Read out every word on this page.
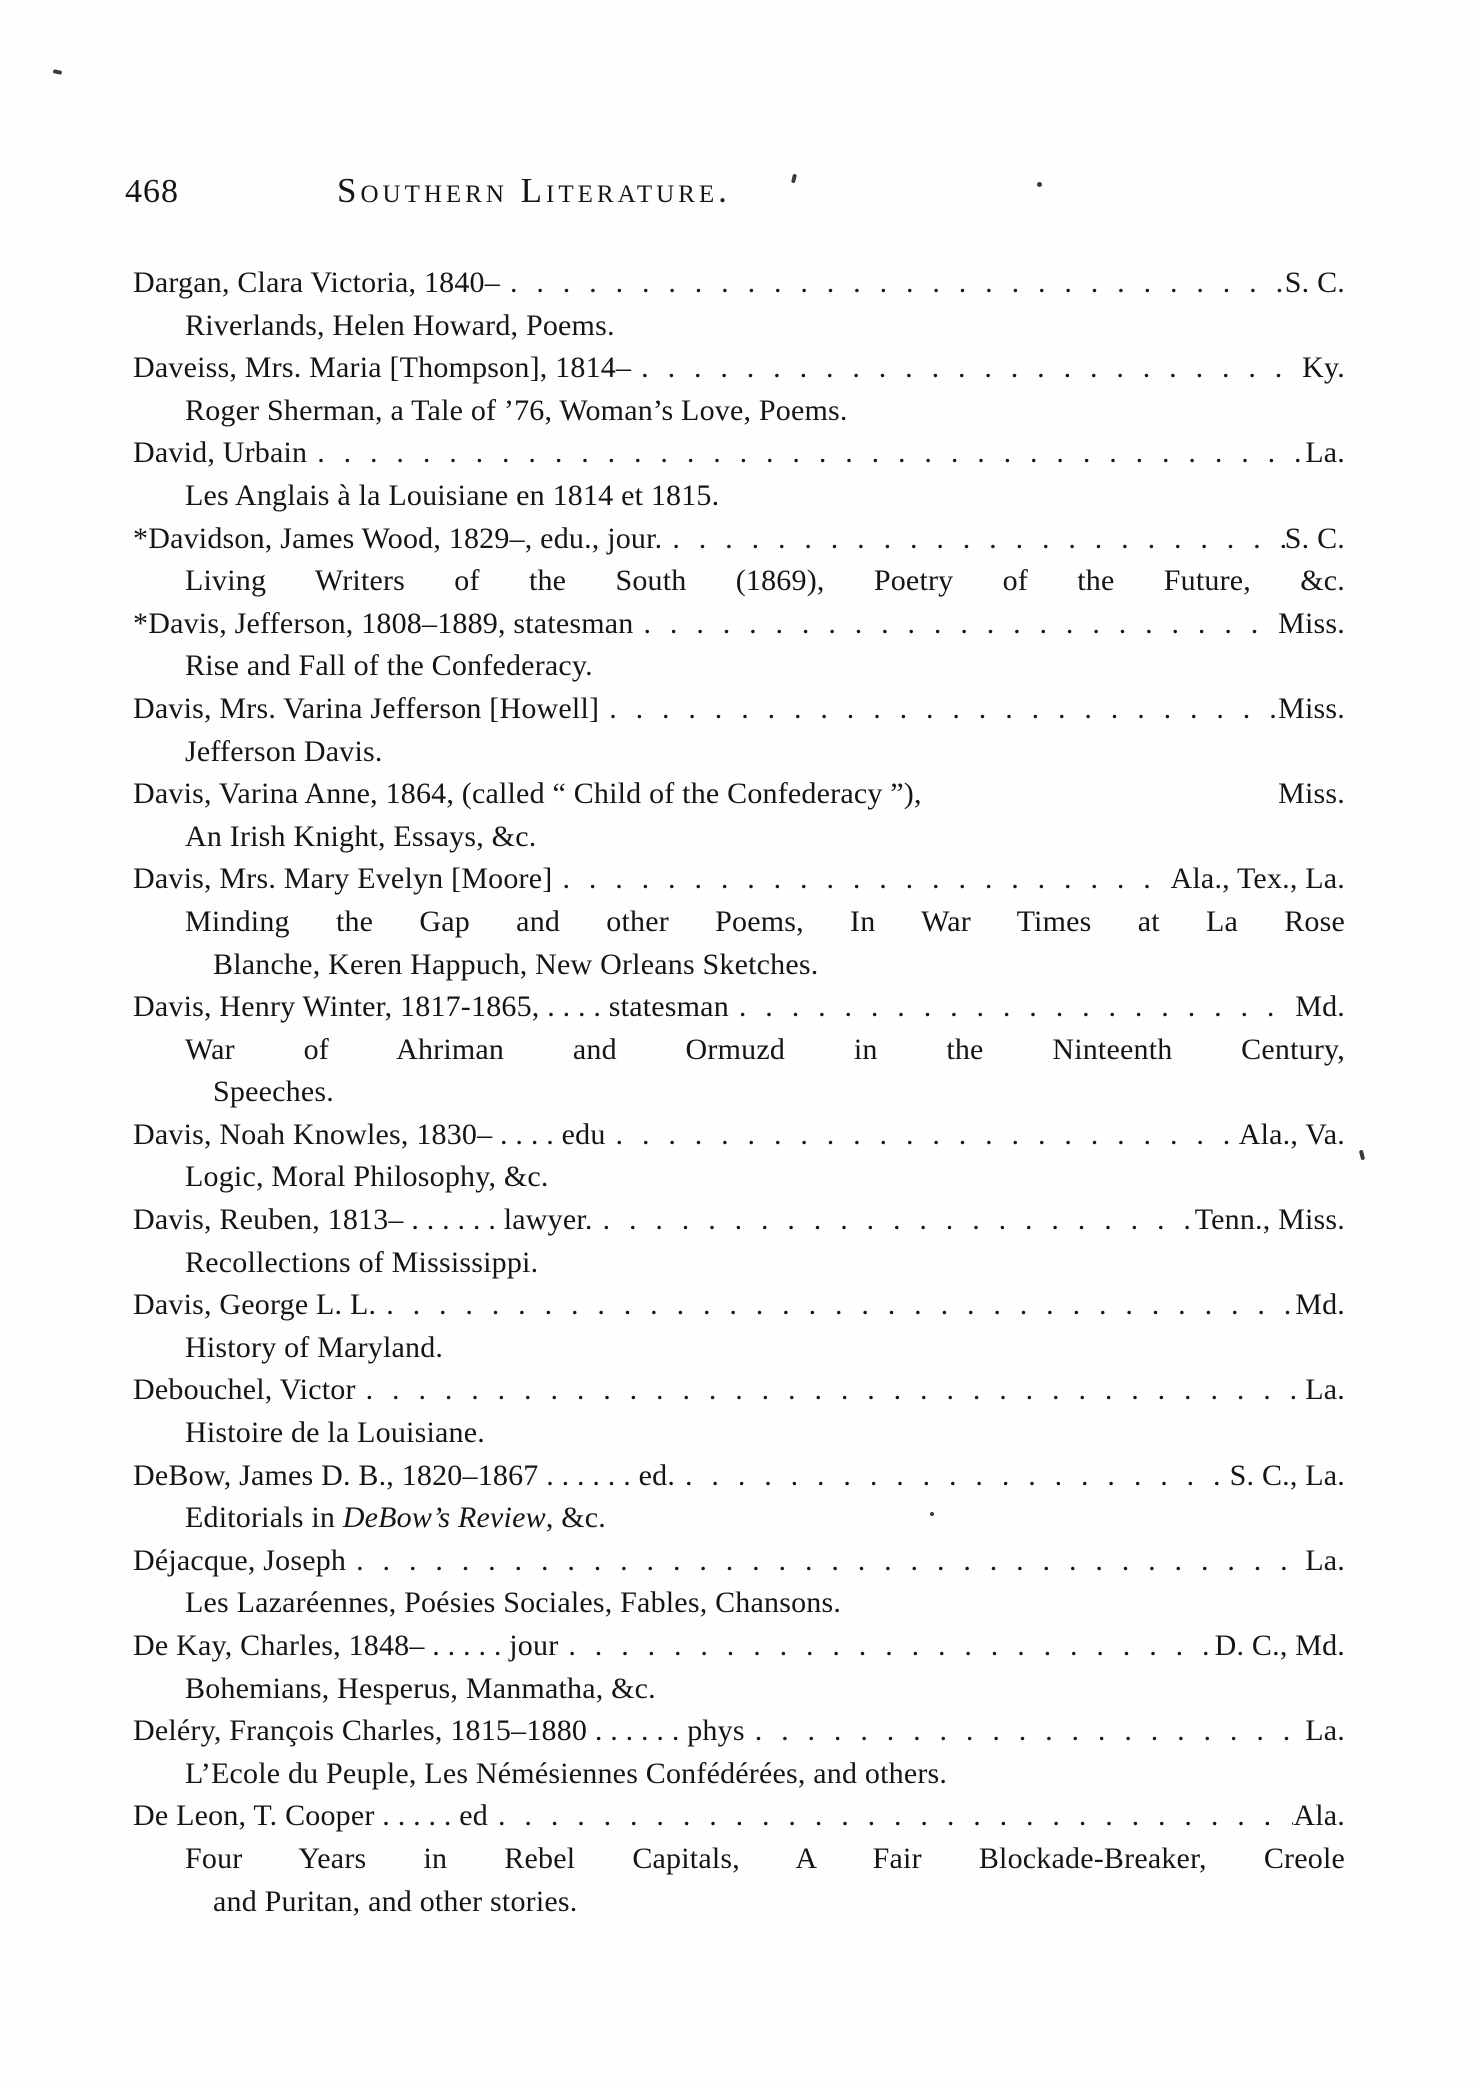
468	Southern Literature.
Dargan, Clara Victoria, 1840– . . .	S. C.
Riverlands, Helen Howard, Poems.
Daveiss, Mrs. Maria [Thompson], 1814– . . .	Ky.
Roger Sherman, a Tale of ’76, Woman’s Love, Poems.
David, Urbain . . .	La.
Les Anglais à la Louisiane en 1814 et 1815.
*Davidson, James Wood, 1829–, edu., jour. . . .	S. C.
Living Writers of the South (1869), Poetry of the Future, &c.
*Davis, Jefferson, 1808–1889, statesman . . .	Miss.
Rise and Fall of the Confederacy.
Davis, Mrs. Varina Jefferson [Howell] . . .	Miss.
Jefferson Davis.
Davis, Varina Anne, 1864, (called “ Child of the Confederacy ”),	Miss.
An Irish Knight, Essays, &c.
Davis, Mrs. Mary Evelyn [Moore] . . .	Ala., Tex., La.
Minding the Gap and other Poems, In War Times at La Rose
Blanche, Keren Happuch, New Orleans Sketches.
Davis, Henry Winter, 1817-1865, . . . . statesman . . .	Md.
War of Ahriman and Ormuzd in the Ninteenth Century,
Speeches.
Davis, Noah Knowles, 1830– . . . . edu . . .	Ala., Va.
Logic, Moral Philosophy, &c.
Davis, Reuben, 1813– . . . . . . lawyer. . . .	Tenn., Miss.
Recollections of Mississippi.
Davis, George L. L. . . .	Md.
History of Maryland.
Debouchel, Victor . . .	La.
Histoire de la Louisiane.
DeBow, James D. B., 1820–1867 . . . . . . ed. . . .	S. C., La.
Editorials in DeBow’s Review, &c.
Déjacque, Joseph . . .	La.
Les Lazaréennes, Poésies Sociales, Fables, Chansons.
De Kay, Charles, 1848– . . . . . jour . . .	D. C., Md.
Bohemians, Hesperus, Manmatha, &c.
Deléry, François Charles, 1815–1880 . . . . . . phys . . .	La.
L’Ecole du Peuple, Les Némésiennes Confédérées, and others.
De Leon, T. Cooper . . . . . ed . . .	Ala.
Four Years in Rebel Capitals, A Fair Blockade-Breaker, Creole
and Puritan, and other stories.
